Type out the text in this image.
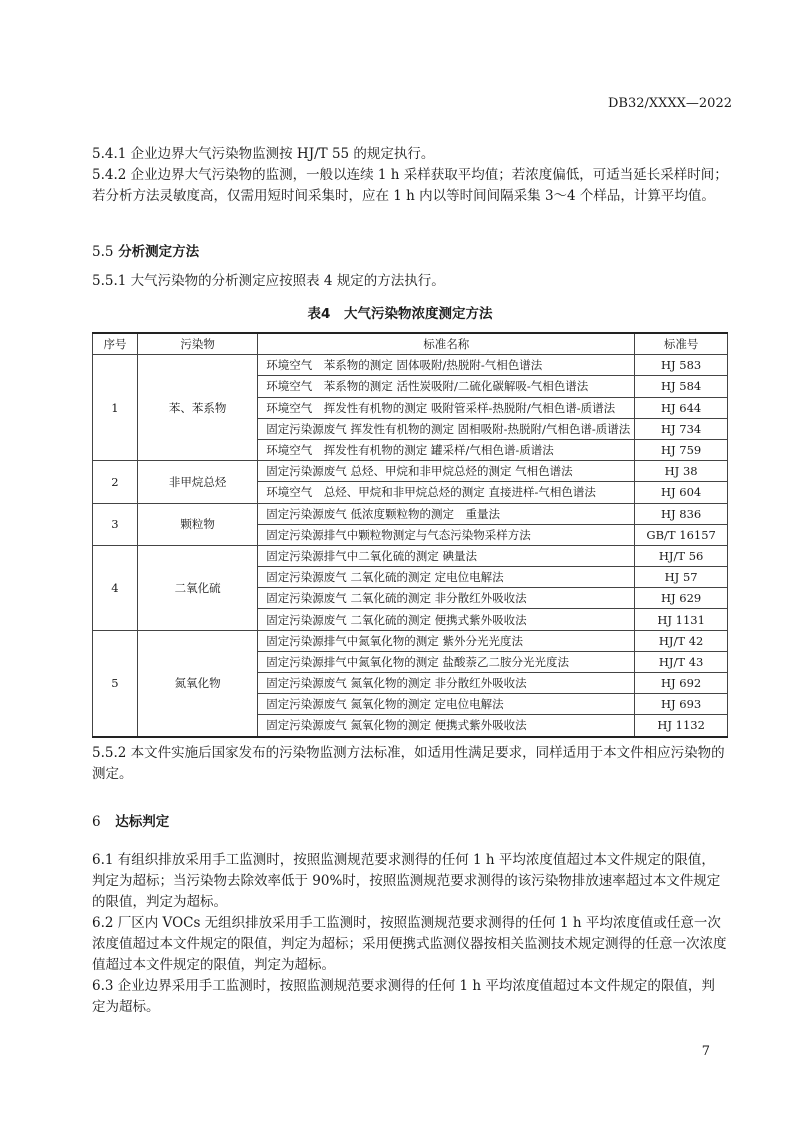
DB32/XXXX—2022

5.4.1 企业边界大气污染物监测按 HJ/T 55 的规定执行。

5.4.2 企业边界大气污染物的监测，一般以连续 1 h 采样获取平均值；若浓度偏低，可适当延长采样时间；若分析方法灵敏度高，仅需用短时间采集时，应在 1 h 内以等时间间隔采集 3～4 个样品，计算平均值。

5.5 分析测定方法

5.5.1 大气污染物的分析测定应按照表 4 规定的方法执行。

表4　大气污染物浓度测定方法
序号	污染物	标准名称	标准号
1	苯、苯系物	环境空气　苯系物的测定 固体吸附/热脱附-气相色谱法	HJ 583
		环境空气　苯系物的测定 活性炭吸附/二硫化碳解吸-气相色谱法	HJ 584
		环境空气　挥发性有机物的测定 吸附管采样-热脱附/气相色谱-质谱法	HJ 644
		固定污染源废气 挥发性有机物的测定 固相吸附-热脱附/气相色谱-质谱法	HJ 734
		环境空气　挥发性有机物的测定 罐采样/气相色谱-质谱法	HJ 759
2	非甲烷总烃	固定污染源废气 总烃、甲烷和非甲烷总烃的测定 气相色谱法	HJ 38
		环境空气　总烃、甲烷和非甲烷总烃的测定 直接进样-气相色谱法	HJ 604
3	颗粒物	固定污染源废气 低浓度颗粒物的测定　重量法	HJ 836
		固定污染源排气中颗粒物测定与气态污染物采样方法	GB/T 16157
4	二氧化硫	固定污染源排气中二氧化硫的测定 碘量法	HJ/T 56
		固定污染源废气 二氧化硫的测定 定电位电解法	HJ 57
		固定污染源废气 二氧化硫的测定 非分散红外吸收法	HJ 629
		固定污染源废气 二氧化硫的测定 便携式紫外吸收法	HJ 1131
5	氮氧化物	固定污染源排气中氮氧化物的测定 紫外分光光度法	HJ/T 42
		固定污染源排气中氮氧化物的测定 盐酸萘乙二胺分光光度法	HJ/T 43
		固定污染源废气 氮氧化物的测定 非分散红外吸收法	HJ 692
		固定污染源废气 氮氧化物的测定 定电位电解法	HJ 693
		固定污染源废气 氮氧化物的测定 便携式紫外吸收法	HJ 1132

5.5.2 本文件实施后国家发布的污染物监测方法标准，如适用性满足要求，同样适用于本文件相应污染物的测定。

6 达标判定

6.1 有组织排放采用手工监测时，按照监测规范要求测得的任何 1 h 平均浓度值超过本文件规定的限值，判定为超标；当污染物去除效率低于 90%时，按照监测规范要求测得的该污染物排放速率超过本文件规定的限值，判定为超标。

6.2 厂区内 VOCs 无组织排放采用手工监测时，按照监测规范要求测得的任何 1 h 平均浓度值或任意一次浓度值超过本文件规定的限值，判定为超标；采用便携式监测仪器按相关监测技术规定测得的任意一次浓度值超过本文件规定的限值，判定为超标。

6.3 企业边界采用手工监测时，按照监测规范要求测得的任何 1 h 平均浓度值超过本文件规定的限值，判定为超标。

7
